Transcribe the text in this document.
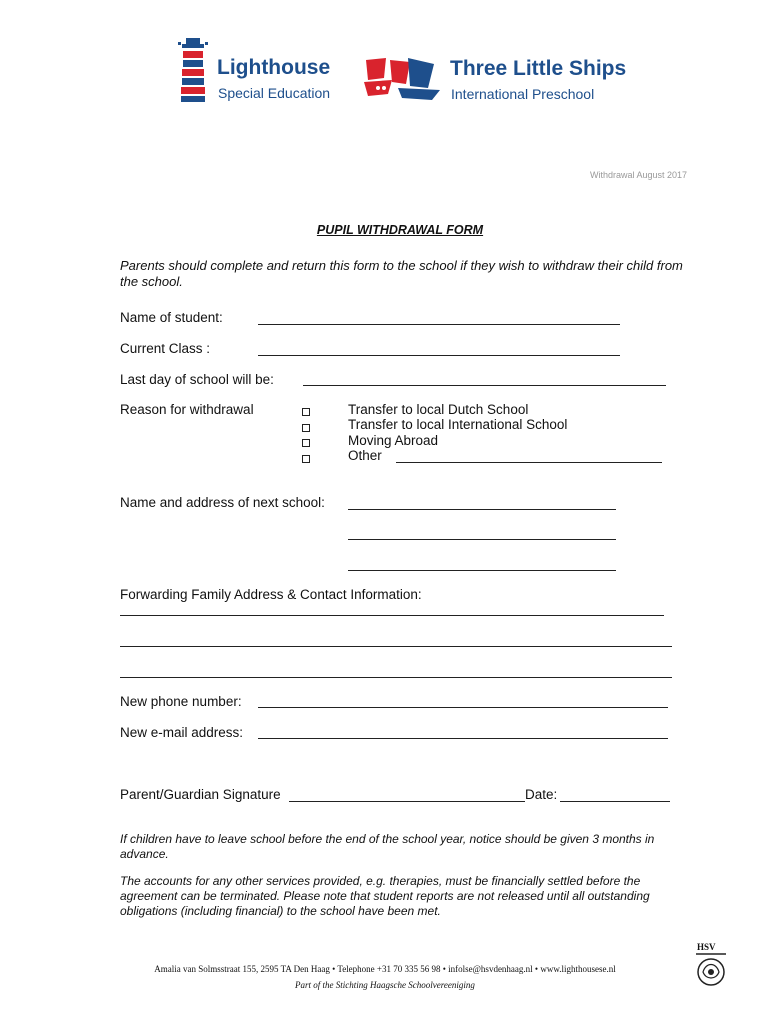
Lighthouse
Special Education
Three Little Ships
International Preschool
Withdrawal August 2017
PUPIL WITHDRAWAL FORM
Parents should complete and return this form to the school if they wish to withdraw their child from the school.
Name of student:
Current Class :
Last day of school will be:
Reason for withdrawal	Transfer to local Dutch School
Transfer to local International School
Moving Abroad
Other
Name and address of next school:
Forwarding Family Address & Contact Information:
New phone number:
New e-mail address:
Parent/Guardian Signature	Date:
If children have to leave school before the end of the school year, notice should be given 3 months in advance.
The accounts for any other services provided, e.g. therapies, must be financially settled before the agreement can be terminated. Please note that student reports are not released until all outstanding obligations (including financial) to the school have been met.
Amalia van Solmsstraat 155, 2595 TA Den Haag • Telephone +31 70 335 56 98 • infolse@hsvdenhaag.nl • www.lighthousese.nl
Part of the Stichting Haagsche Schoolvereeniging
HSV
